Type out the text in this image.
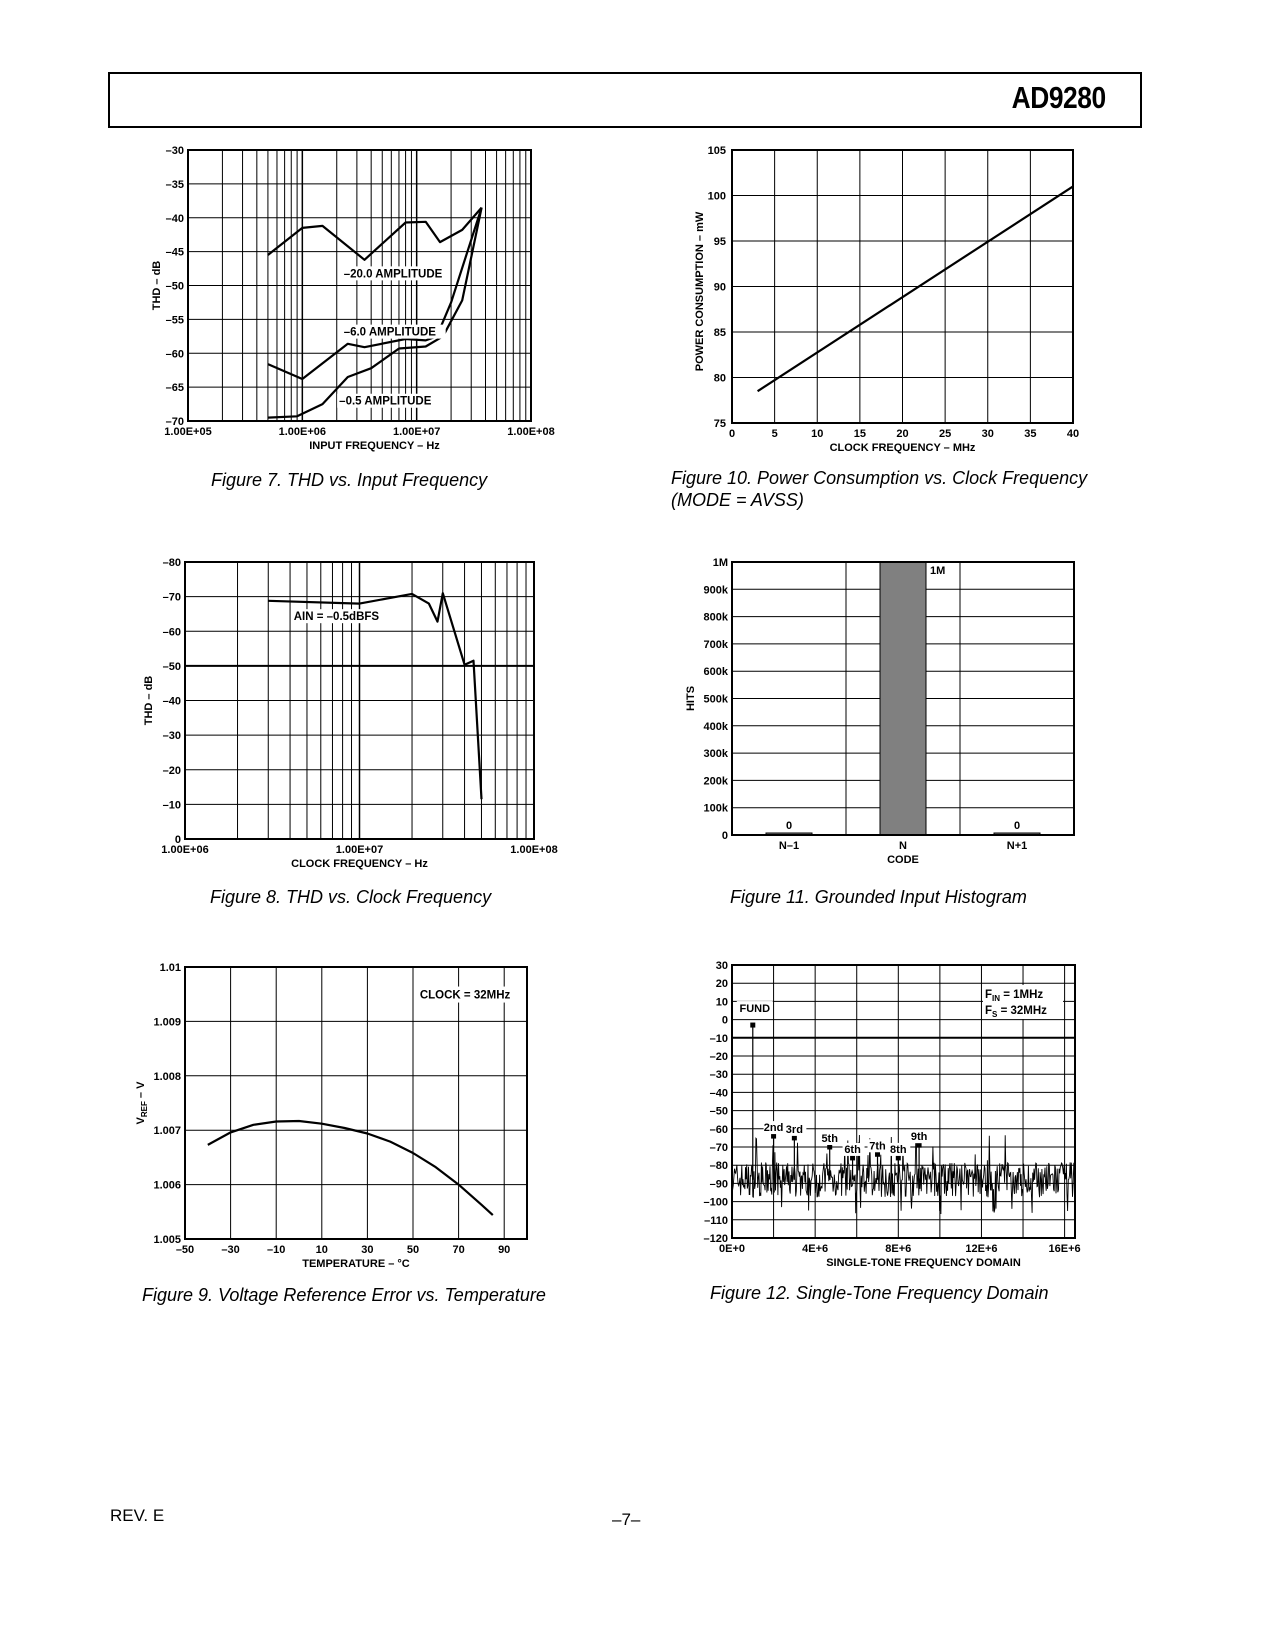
AD9280
–70
–65
–60
–55
–50
–45
–40
–35
–30
1.00E+05	1.00E+06	1.00E+07	1.00E+08
INPUT FREQUENCY – Hz
THD – dB	–20.0 AMPLITUDE
–6.0 AMPLITUDE
–0.5 AMPLITUDE
Figure 7. THD vs. Input Frequency
75
80
85
90
95
100
105
0	5	10	15	20	25	30	35	40
CLOCK FREQUENCY – MHz
POWER CONSUMPTION – mW
Figure 10. Power Consumption vs. Clock Frequency
(MODE = AVSS)
0
–10
–20
–30
–40
–50
–60
–70
–80
1.00E+06	1.00E+07	1.00E+08
CLOCK FREQUENCY – Hz
THD – dB
AIN = –0.5dBFS
Figure 8. THD vs. Clock Frequency
0
N–1
1M
N
0
N+1
0
100k
200k
300k
400k
500k
600k
700k
800k
900k
1M
CODE
HITS
Figure 11. Grounded Input Histogram
1.005
1.006
1.007
1.008
1.009
1.01
–50 –30 –10	10	30	50	70	90
TEMPERATURE – °C
$V_{REF}$ – V
CLOCK = 32MHz
Figure 9. Voltage Reference Error vs. Temperature
FUND
2nd 3rd
5th
6th 7th 8th
9th
$F_{IN} = 1MHz$
$F_S = 32MHz$
–120
–110
–100
–90
–80
–70
–60
–50
–40
–30
–20
–10
0
10
20
30
0E+0	4E+6	8E+6	12E+6	16E+6
SINGLE-TONE FREQUENCY DOMAIN
Figure 12. Single-Tone Frequency Domain
REV. E	–7–
